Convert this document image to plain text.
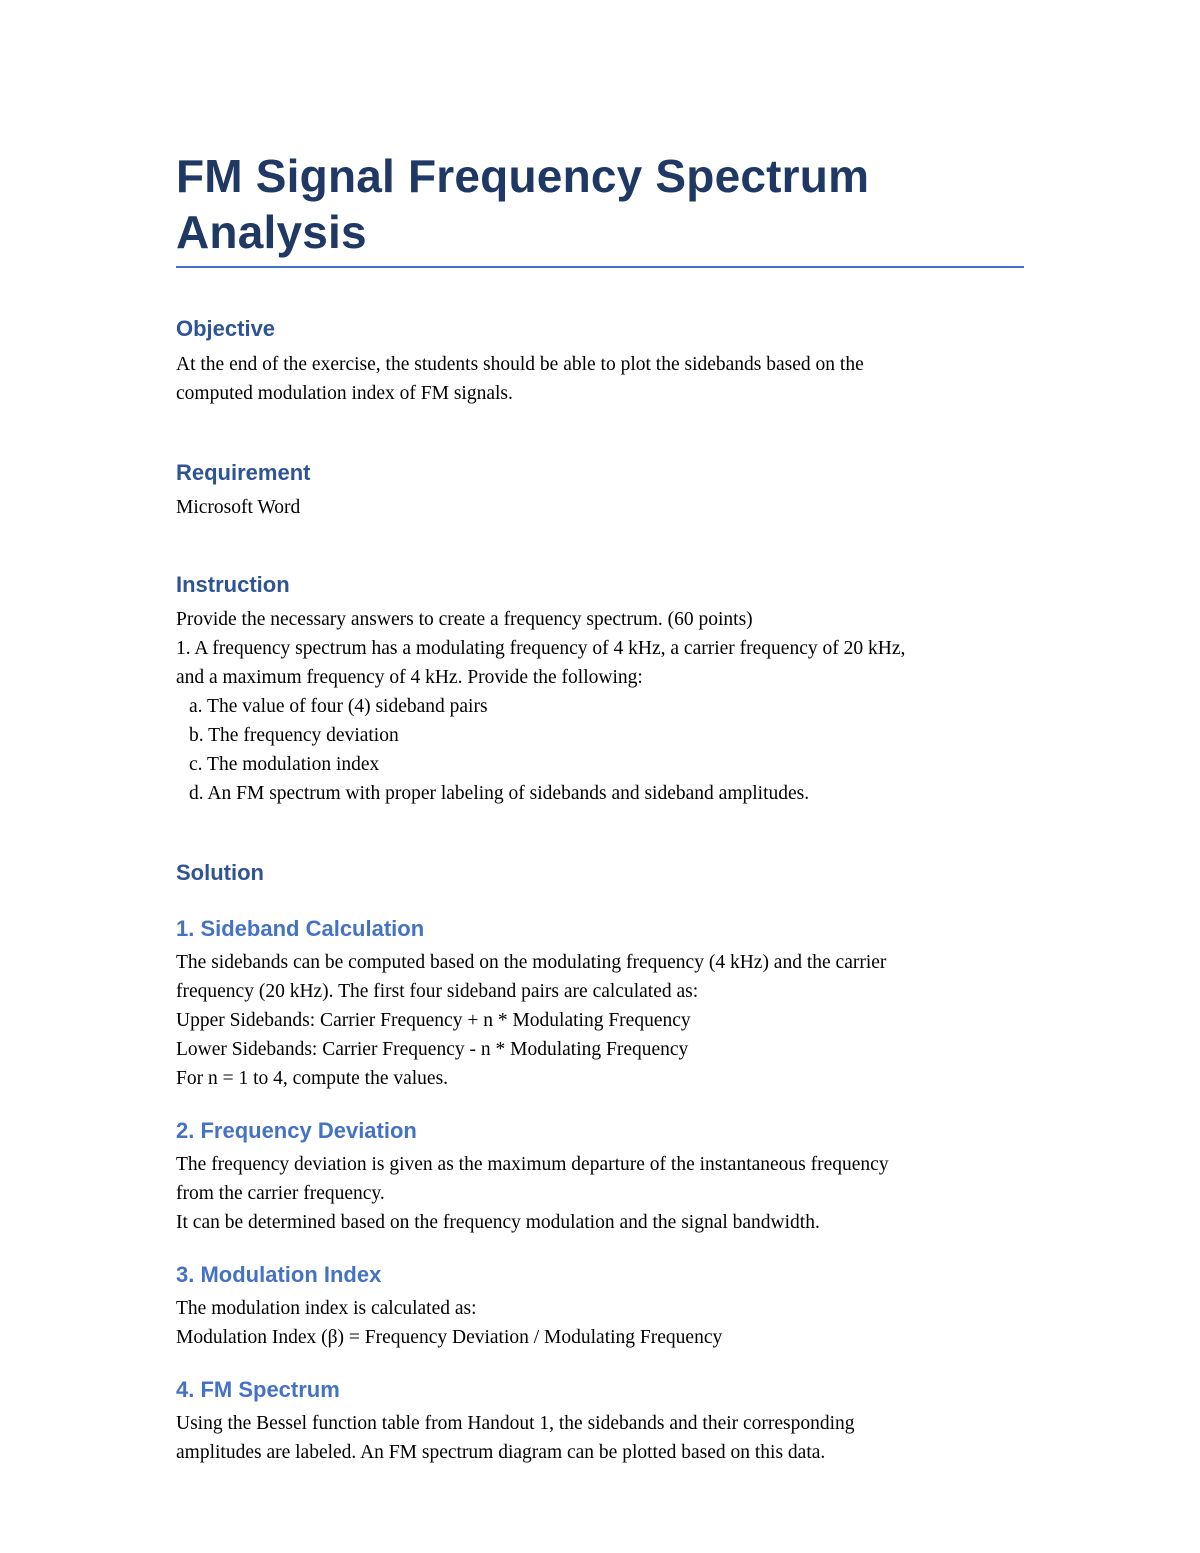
FM Signal Frequency Spectrum Analysis
Objective

At the end of the exercise, the students should be able to plot the sidebands based on the

computed modulation index of FM signals.

Requirement

Microsoft Word

Instruction

Provide the necessary answers to create a frequency spectrum. (60 points)

1. A frequency spectrum has a modulating frequency of 4 kHz, a carrier frequency of 20 kHz,

and a maximum frequency of 4 kHz. Provide the following:

a. The value of four (4) sideband pairs

b. The frequency deviation

c. The modulation index

d. An FM spectrum with proper labeling of sidebands and sideband amplitudes.

Solution
1. Sideband Calculation

The sidebands can be computed based on the modulating frequency (4 kHz) and the carrier

frequency (20 kHz). The first four sideband pairs are calculated as:

Upper Sidebands: Carrier Frequency + n * Modulating Frequency

Lower Sidebands: Carrier Frequency - n * Modulating Frequency

For n = 1 to 4, compute the values.

2. Frequency Deviation

The frequency deviation is given as the maximum departure of the instantaneous frequency

from the carrier frequency.

It can be determined based on the frequency modulation and the signal bandwidth.

3. Modulation Index

The modulation index is calculated as:

Modulation Index (β) = Frequency Deviation / Modulating Frequency

4. FM Spectrum

Using the Bessel function table from Handout 1, the sidebands and their corresponding

amplitudes are labeled. An FM spectrum diagram can be plotted based on this data.
